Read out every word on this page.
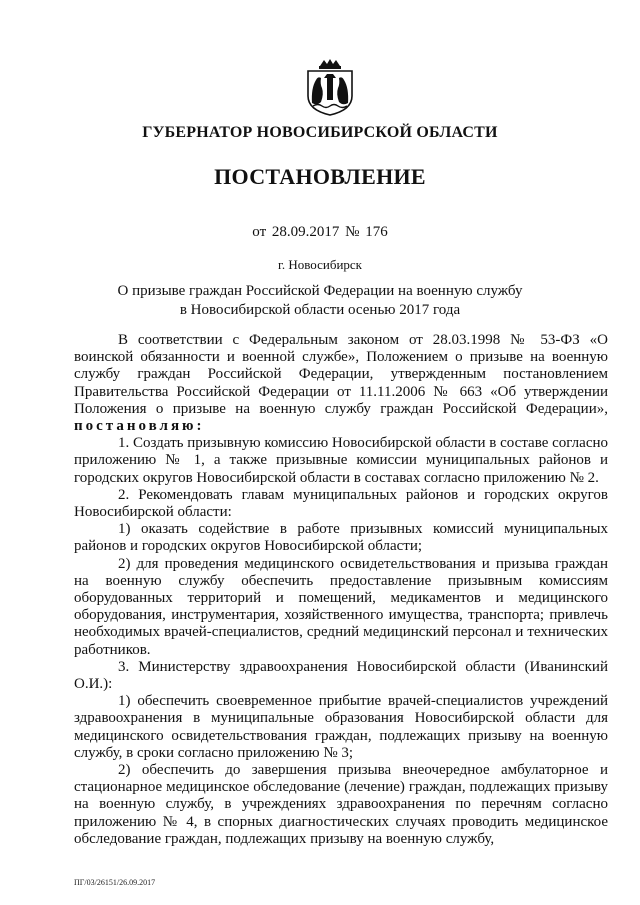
ГУБЕРНАТОР НОВОСИБИРСКОЙ ОБЛАСТИ
ПОСТАНОВЛЕНИЕ
от 28.09.2017 № 176
г. Новосибирск
О призыве граждан Российской Федерации на военную службу
в Новосибирской области осенью 2017 года

В соответствии с Федеральным законом от 28.03.1998 № 53-ФЗ «О воинской обязанности и военной службе», Положением о призыве на военную службу граждан Российской Федерации, утвержденным постановлением Правительства Российской Федерации от 11.11.2006 № 663 «Об утверждении Положения о призыве на военную службу граждан Российской Федерации», постановляю:

1. Создать призывную комиссию Новосибирской области в составе согласно приложению № 1, а также призывные комиссии муниципальных районов и городских округов Новосибирской области в составах согласно приложению № 2.

2. Рекомендовать главам муниципальных районов и городских округов Новосибирской области:

1) оказать содействие в работе призывных комиссий муниципальных районов и городских округов Новосибирской области;

2) для проведения медицинского освидетельствования и призыва граждан на военную службу обеспечить предоставление призывным комиссиям оборудованных территорий и помещений, медикаментов и медицинского оборудования, инструментария, хозяйственного имущества, транспорта; привлечь необходимых врачей-специалистов, средний медицинский персонал и технических работников.

3. Министерству здравоохранения Новосибирской области (Иванинский О.И.):

1) обеспечить своевременное прибытие врачей-специалистов учреждений здравоохранения в муниципальные образования Новосибирской области для медицинского освидетельствования граждан, подлежащих призыву на военную службу, в сроки согласно приложению № 3;

2) обеспечить до завершения призыва внеочередное амбулаторное и стационарное медицинское обследование (лечение) граждан, подлежащих призыву на военную службу, в учреждениях здравоохранения по перечням согласно приложению № 4, в спорных диагностических случаях проводить медицинское обследование граждан, подлежащих призыву на военную службу,

ПГ/03/26151/26.09.2017
